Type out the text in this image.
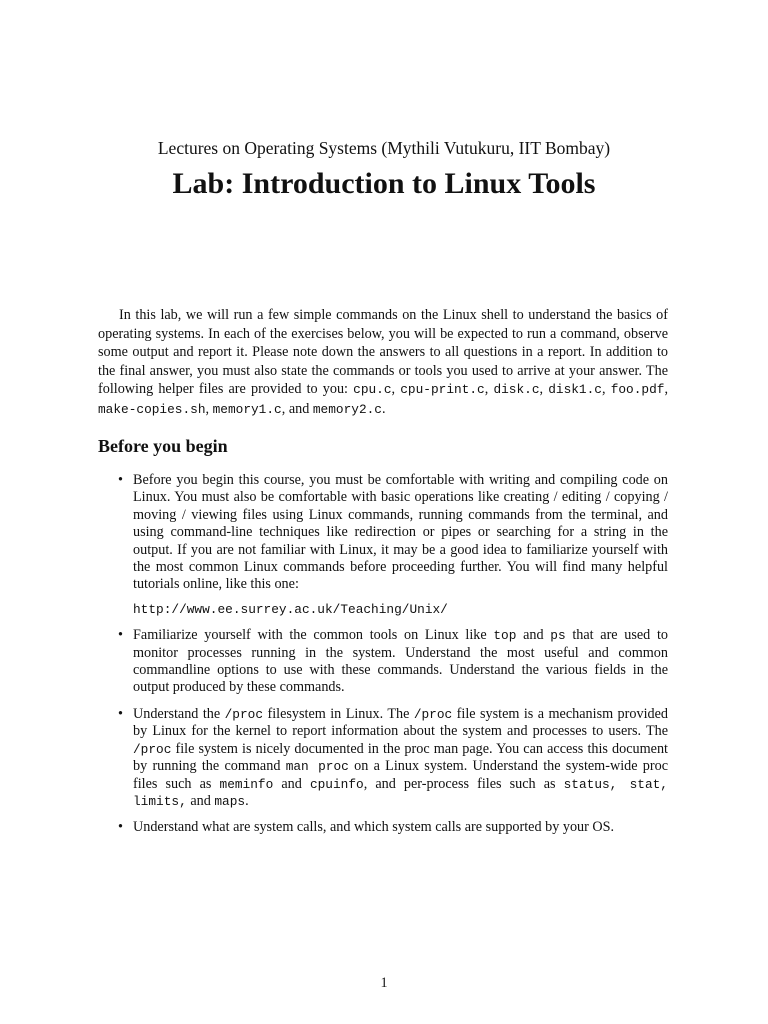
Lectures on Operating Systems (Mythili Vutukuru, IIT Bombay)
Lab: Introduction to Linux Tools

In this lab, we will run a few simple commands on the Linux shell to understand the basics of operating systems. In each of the exercises below, you will be expected to run a command, observe some output and report it. Please note down the answers to all questions in a report. In addition to the final answer, you must also state the commands or tools you used to arrive at your answer. The following helper files are provided to you: cpu.c, cpu-print.c, disk.c, disk1.c, foo.pdf, make-copies.sh, memory1.c, and memory2.c.

Before you begin
• Before you begin this course, you must be comfortable with writing and compiling code on Linux. You must also be comfortable with basic operations like creating / editing / copying / moving / viewing files using Linux commands, running commands from the terminal, and using command-line techniques like redirection or pipes or searching for a string in the output. If you are not familiar with Linux, it may be a good idea to familiarize yourself with the most common Linux commands before proceeding further. You will find many helpful tutorials online, like this one:

http://www.ee.surrey.ac.uk/Teaching/Unix/
• Familiarize yourself with the common tools on Linux like top and ps that are used to monitor processes running in the system. Understand the most useful and common commandline options to use with these commands. Understand the various fields in the output produced by these commands.

• Understand the /proc filesystem in Linux. The /proc file system is a mechanism provided by Linux for the kernel to report information about the system and processes to users. The /proc file system is nicely documented in the proc man page. You can access this document by running the command man proc on a Linux system. Understand the system-wide proc files such as meminfo and cpuinfo, and per-process files such as status, stat, limits, and maps.

• Understand what are system calls, and which system calls are supported by your OS.

1
